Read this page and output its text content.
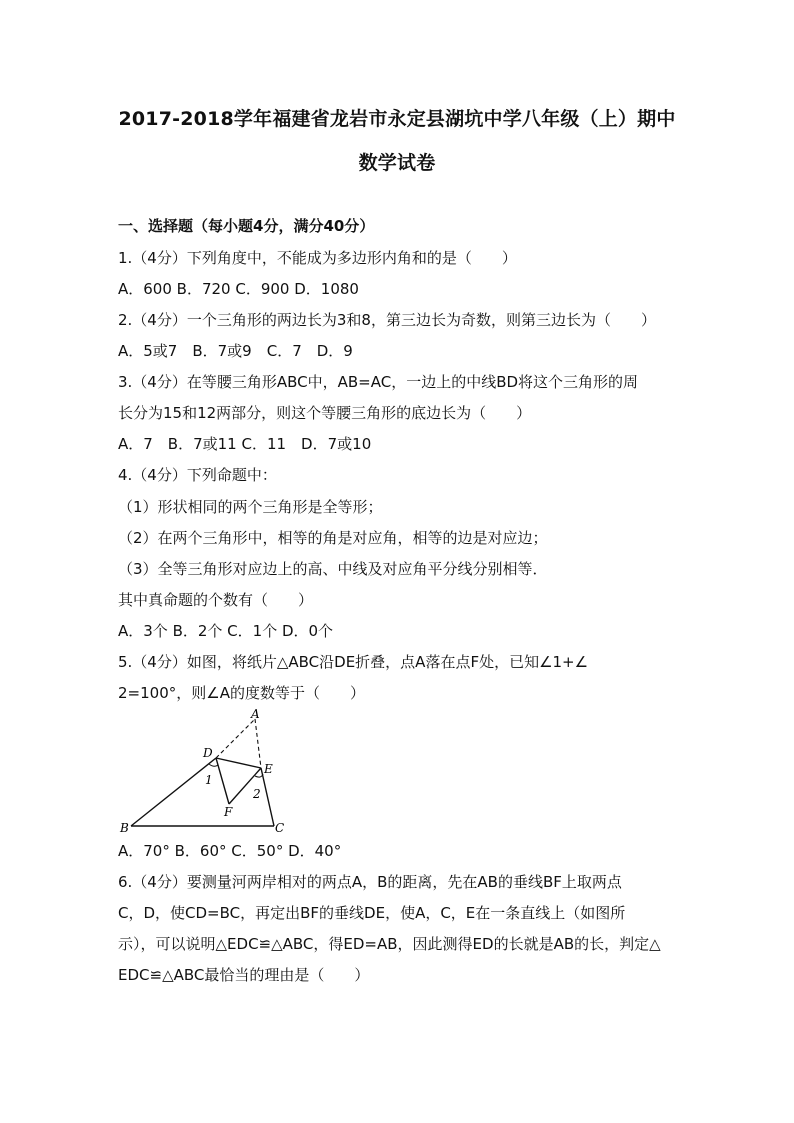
2017-2018学年福建省龙岩市永定县湖坑中学八年级（上）期中
数学试卷
一、选择题（每小题4分，满分40分）
1.（4分）下列角度中，不能成为多边形内角和的是（　　）
A．600 B．720 C．900 D．1080
2.（4分）一个三角形的两边长为3和8，第三边长为奇数，则第三边长为（　　）
A．5或7　B．7或9　C．7　D．9
3.（4分）在等腰三角形ABC中，AB=AC，一边上的中线BD将这个三角形的周
长分为15和12两部分，则这个等腰三角形的底边长为（　　）
A．7　B．7或11 C．11　D．7或10
4.（4分）下列命题中：
（1）形状相同的两个三角形是全等形；
（2）在两个三角形中，相等的角是对应角，相等的边是对应边；
（3）全等三角形对应边上的高、中线及对应角平分线分别相等．
其中真命题的个数有（　　）
A．3个 B．2个 C．1个 D．0个
5.（4分）如图，将纸片△ABC沿DE折叠，点A落在点F处，已知∠1+∠
2=100°，则∠A的度数等于（　　）
A
B	C
D
E
F
1
2
A．70° B．60° C．50° D．40°
6.（4分）要测量河两岸相对的两点A，B的距离，先在AB的垂线BF上取两点
C，D，使CD=BC，再定出BF的垂线DE，使A，C，E在一条直线上（如图所
示），可以说明△EDC≌△ABC，得ED=AB，因此测得ED的长就是AB的长，判定△
EDC≌△ABC最恰当的理由是（　　）
